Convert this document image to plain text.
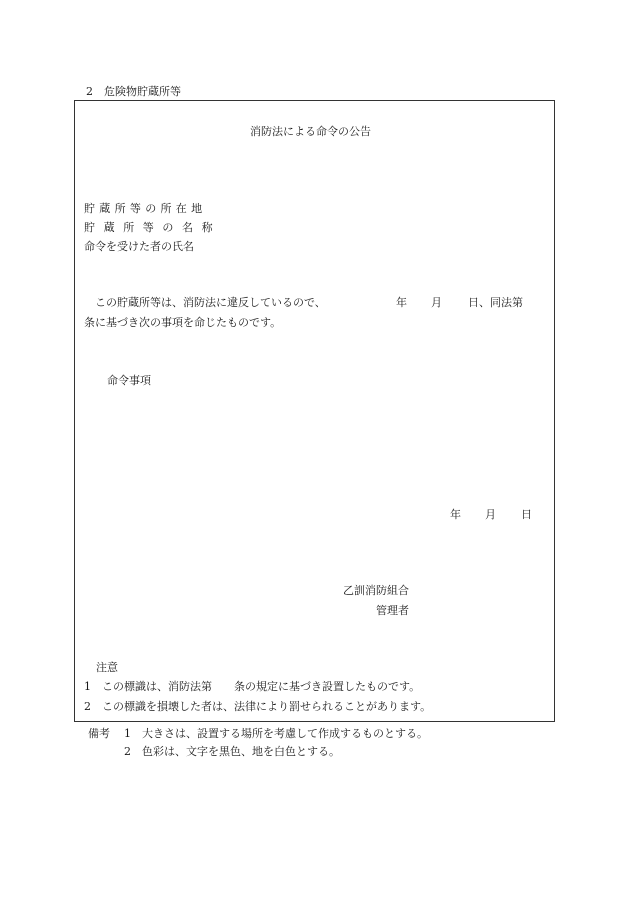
2　危険物貯蔵所等
消防法による命令の公告
貯蔵所等の所在地
貯蔵所等の名称
命令を受けた者の氏名
この貯蔵所等は、消防法に違反しているので、	年 月 日、同法第
条に基づき次の事項を命じたものです。
命令事項
年 月 日
乙訓消防組合
管理者
注意
1　この標識は、消防法第　　条の規定に基づき設置したものです。
2　この標識を損壊した者は、法律により罰せられることがあります。
備考 1　大きさは、設置する場所を考慮して作成するものとする。
2　色彩は、文字を黒色、地を白色とする。
